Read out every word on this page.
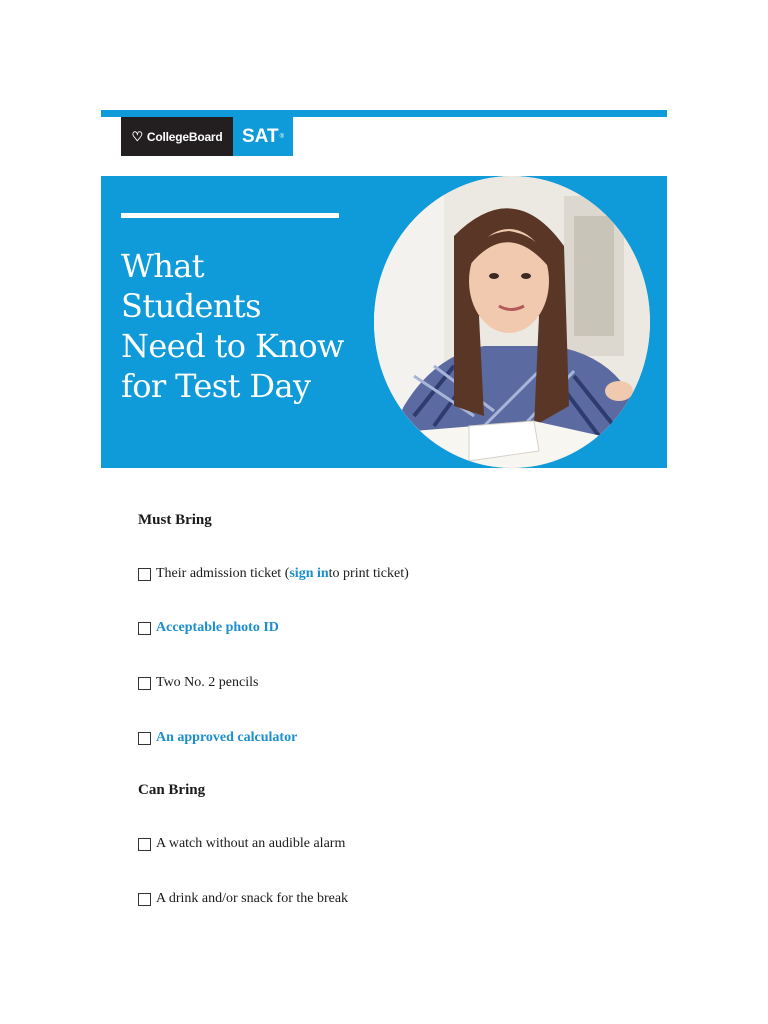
♡ CollegeBoard SAT ®
What
Students
Need to Know
for Test Day
Must Bring
Their admission ticket ( sign in to print ticket)
Acceptable photo ID
Two No. 2 pencils
An approved calculator
Can Bring
A watch without an audible alarm
A drink and/or snack for the break
